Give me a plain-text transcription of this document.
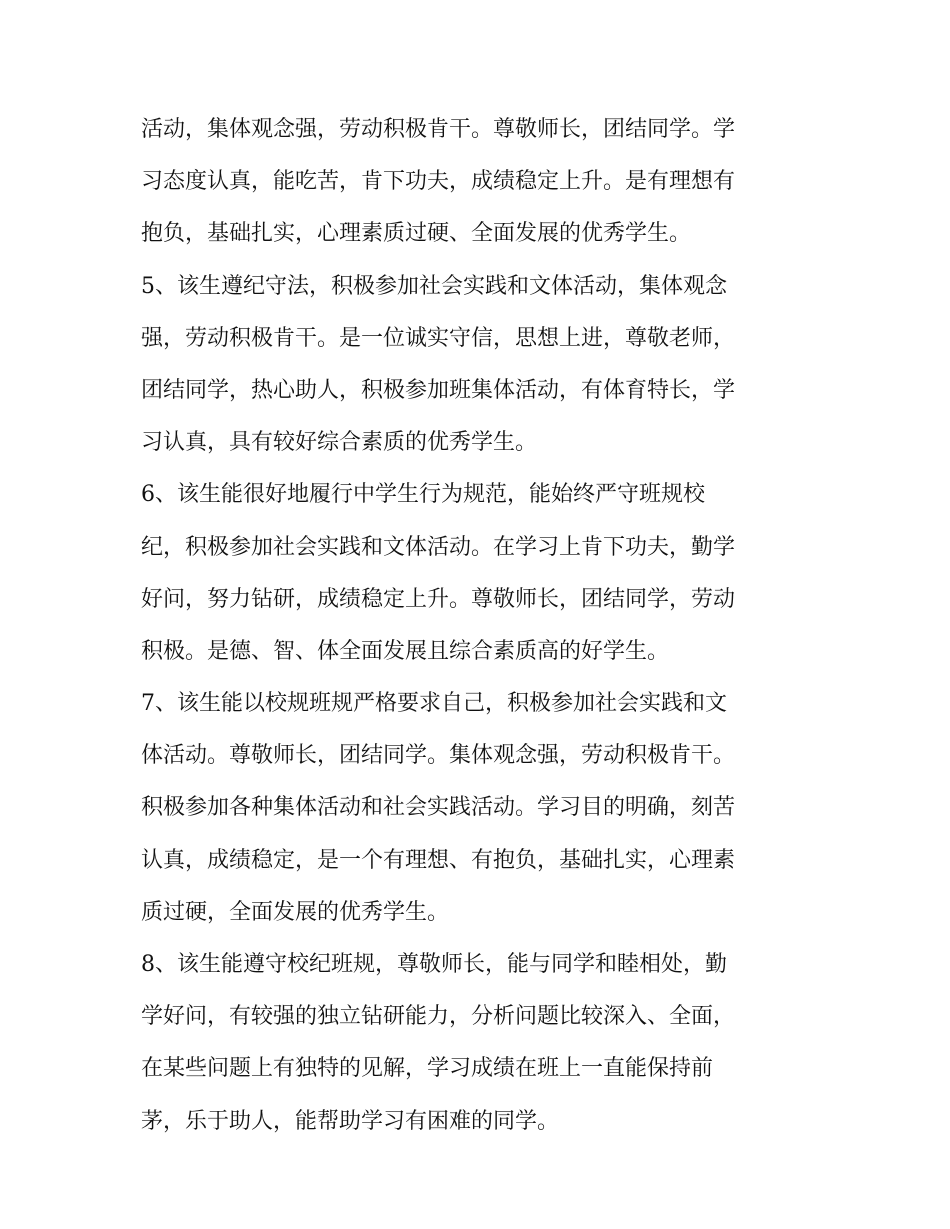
活动，集体观念强，劳动积极肯干。尊敬师长，团结同学。学
习态度认真，能吃苦，肯下功夫，成绩稳定上升。是有理想有
抱负，基础扎实，心理素质过硬、全面发展的优秀学生。
5、该生遵纪守法，积极参加社会实践和文体活动，集体观念
强，劳动积极肯干。是一位诚实守信，思想上进，尊敬老师，
团结同学，热心助人，积极参加班集体活动，有体育特长，学
习认真，具有较好综合素质的优秀学生。
6、该生能很好地履行中学生行为规范，能始终严守班规校
纪，积极参加社会实践和文体活动。在学习上肯下功夫，勤学
好问，努力钻研，成绩稳定上升。尊敬师长，团结同学，劳动
积极。是德、智、体全面发展且综合素质高的好学生。
7、该生能以校规班规严格要求自己，积极参加社会实践和文
体活动。尊敬师长，团结同学。集体观念强，劳动积极肯干。
积极参加各种集体活动和社会实践活动。学习目的明确，刻苦
认真，成绩稳定，是一个有理想、有抱负，基础扎实，心理素
质过硬，全面发展的优秀学生。
8、该生能遵守校纪班规，尊敬师长，能与同学和睦相处，勤
学好问，有较强的独立钻研能力，分析问题比较深入、全面，
在某些问题上有独特的见解，学习成绩在班上一直能保持前
茅，乐于助人，能帮助学习有困难的同学。
